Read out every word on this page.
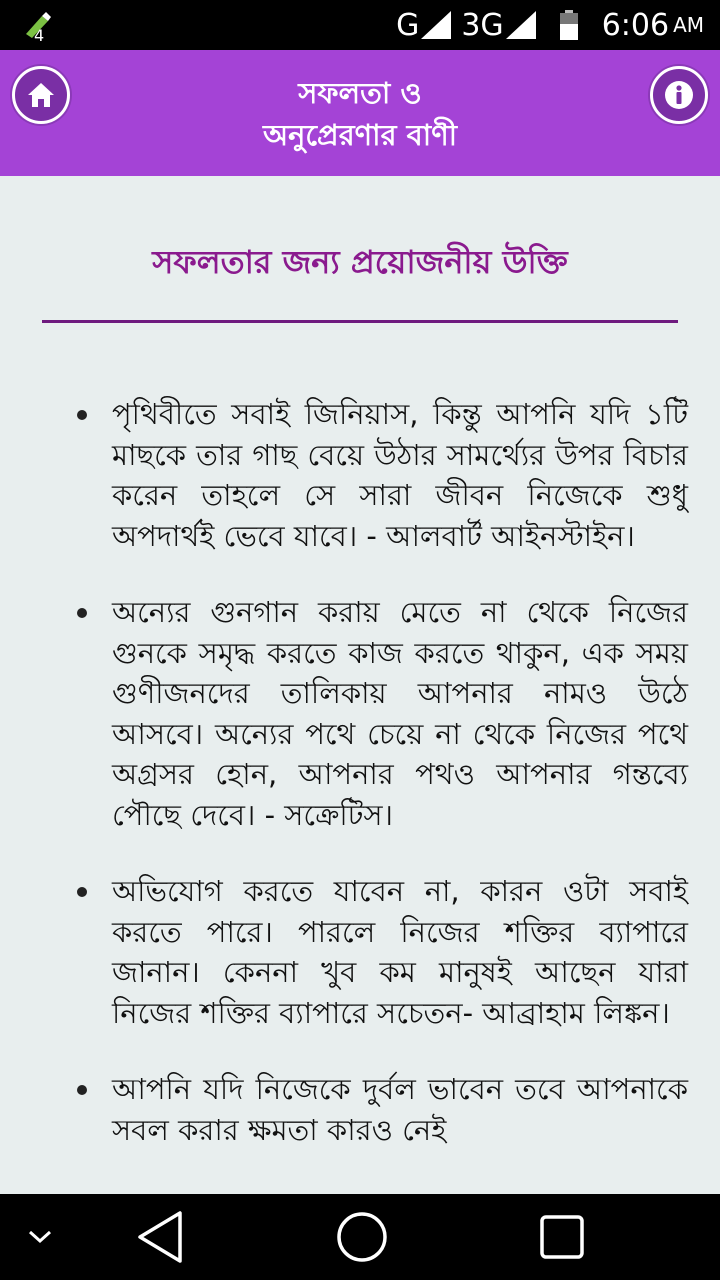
4	G 3G	6:06 AM
সফলতা ও
অনুপ্রেরণার বাণী
সফলতার জন্য প্রয়োজনীয় উক্তি
পৃথিবীতে সবাই জিনিয়াস, কিন্তু আপনি যদি ১টি মাছকে তার গাছ বেয়ে উঠার সামর্থ্যের উপর বিচার করেন তাহলে সে সারা জীবন নিজেকে শুধু অপদার্থই ভেবে যাবে। - আলবার্ট আইনস্টাইন।
অন্যের গুনগান করায় মেতে না থেকে নিজের গুনকে সমৃদ্ধ করতে কাজ করতে থাকুন, এক সময় গুণীজনদের তালিকায় আপনার নামও উঠে আসবে। অন্যের পথে চেয়ে না থেকে নিজের পথে অগ্রসর হোন, আপনার পথও আপনার গন্তব্যে পৌছে দেবে। - সক্রেটিস।
অভিযোগ করতে যাবেন না, কারন ওটা সবাই করতে পারে। পারলে নিজের শক্তির ব্যাপারে জানান। কেননা খুব কম মানুষই আছেন যারা নিজের শক্তির ব্যাপারে সচেতন- আব্রাহাম লিঙ্কন।
আপনি যদি নিজেকে দুর্বল ভাবেন তবে আপনাকে সবল করার ক্ষমতা কারও নেই
